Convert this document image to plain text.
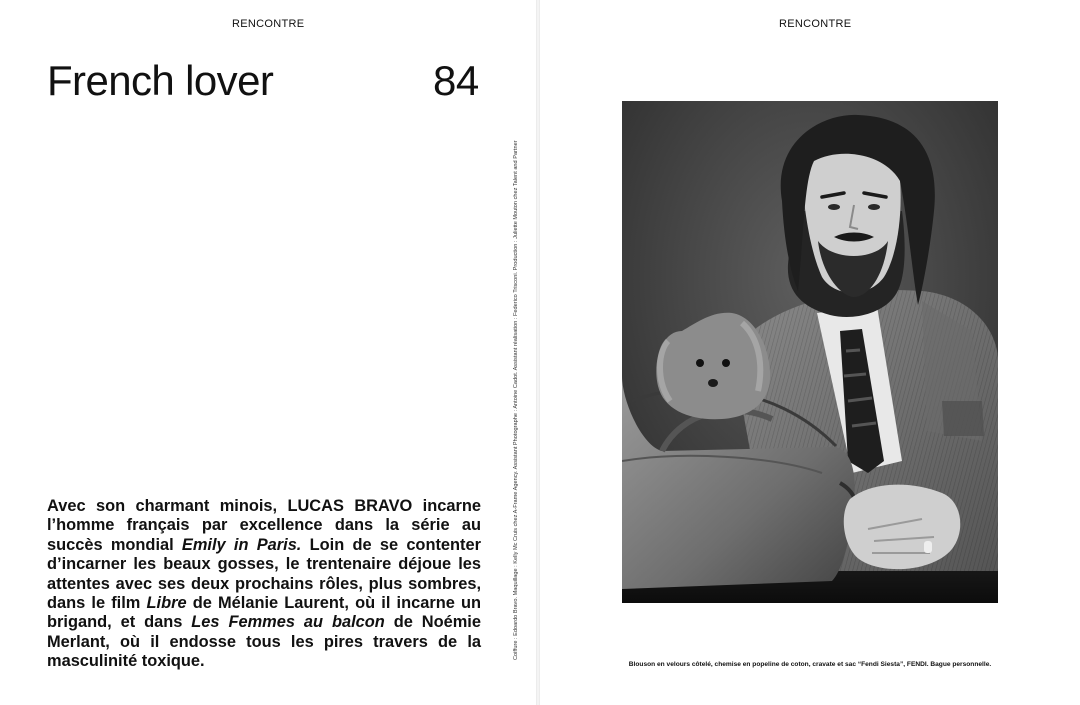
RENCONTRE
French lover	84

Avec son charmant minois, LUCAS BRAVO incarne l’homme français par excellence dans la série au succès mondial Emily in Paris. Loin de se contenter d’incarner les beaux gosses, le trentenaire déjoue les attentes avec ses deux prochains rôles, plus sombres, dans le film Libre de Mélanie Laurent, où il incarne un brigand, et dans Les Femmes au balcon de Noémie Merlant, où il endosse tous les pires travers de la masculinité toxique.

Coiffure : Edoardo Bravo. Maquillage : Kelly Mc Cruis chez A-Frame Agency. Assistant Photographe : Antoine Cadot. Assistant réalisation : Federico Trisconi. Production : Juliette Mouton chez Talent and Partner
RENCONTRE

Blouson en velours côtelé, chemise en popeline de coton, cravate et sac “Fendi Siesta”, FENDI. Bague personnelle.
